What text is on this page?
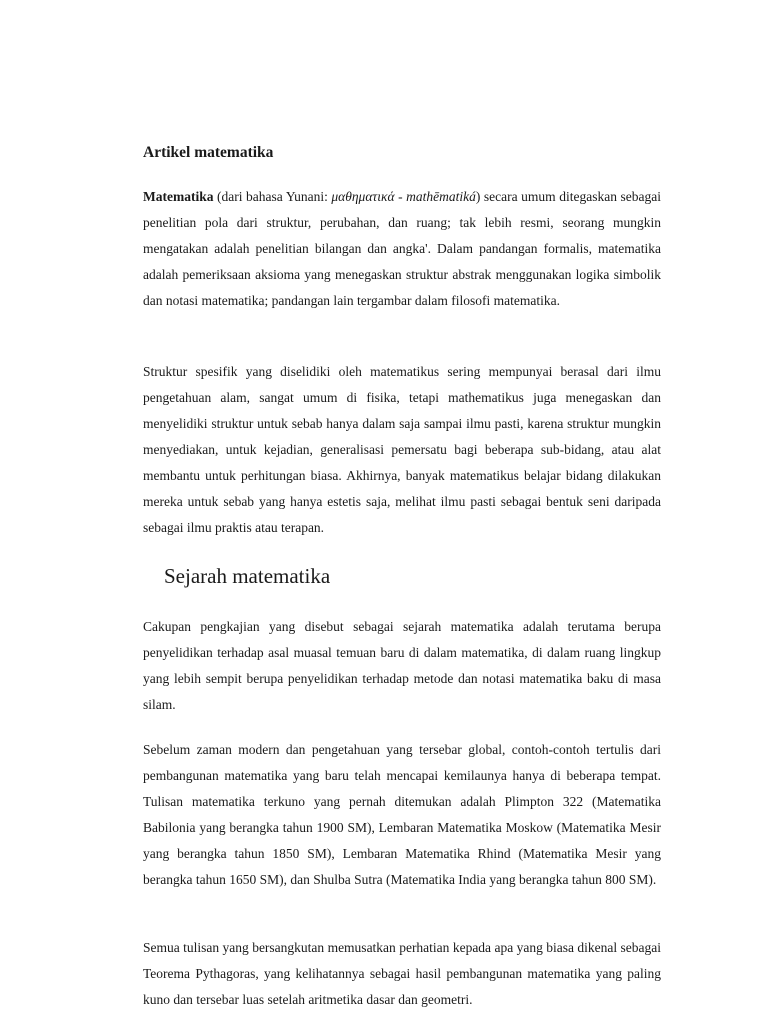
Artikel matematika

Matematika (dari bahasa Yunani: μαθηματικά - mathēmatiká) secara umum ditegaskan sebagai penelitian pola dari struktur, perubahan, dan ruang; tak lebih resmi, seorang mungkin mengatakan adalah penelitian bilangan dan angka'. Dalam pandangan formalis, matematika adalah pemeriksaan aksioma yang menegaskan struktur abstrak menggunakan logika simbolik dan notasi matematika; pandangan lain tergambar dalam filosofi matematika.

Struktur spesifik yang diselidiki oleh matematikus sering mempunyai berasal dari ilmu pengetahuan alam, sangat umum di fisika, tetapi mathematikus juga menegaskan dan menyelidiki struktur untuk sebab hanya dalam saja sampai ilmu pasti, karena struktur mungkin menyediakan, untuk kejadian, generalisasi pemersatu bagi beberapa sub-bidang, atau alat membantu untuk perhitungan biasa. Akhirnya, banyak matematikus belajar bidang dilakukan mereka untuk sebab yang hanya estetis saja, melihat ilmu pasti sebagai bentuk seni daripada sebagai ilmu praktis atau terapan.

Sejarah matematika

Cakupan pengkajian yang disebut sebagai sejarah matematika adalah terutama berupa penyelidikan terhadap asal muasal temuan baru di dalam matematika, di dalam ruang lingkup yang lebih sempit berupa penyelidikan terhadap metode dan notasi matematika baku di masa silam.

Sebelum zaman modern dan pengetahuan yang tersebar global, contoh-contoh tertulis dari pembangunan matematika yang baru telah mencapai kemilaunya hanya di beberapa tempat. Tulisan matematika terkuno yang pernah ditemukan adalah Plimpton 322 (Matematika Babilonia yang berangka tahun 1900 SM), Lembaran Matematika Moskow (Matematika Mesir yang berangka tahun 1850 SM), Lembaran Matematika Rhind (Matematika Mesir yang berangka tahun 1650 SM), dan Shulba Sutra (Matematika India yang berangka tahun 800 SM).

Semua tulisan yang bersangkutan memusatkan perhatian kepada apa yang biasa dikenal sebagai Teorema Pythagoras, yang kelihatannya sebagai hasil pembangunan matematika yang paling kuno dan tersebar luas setelah aritmetika dasar dan geometri.
